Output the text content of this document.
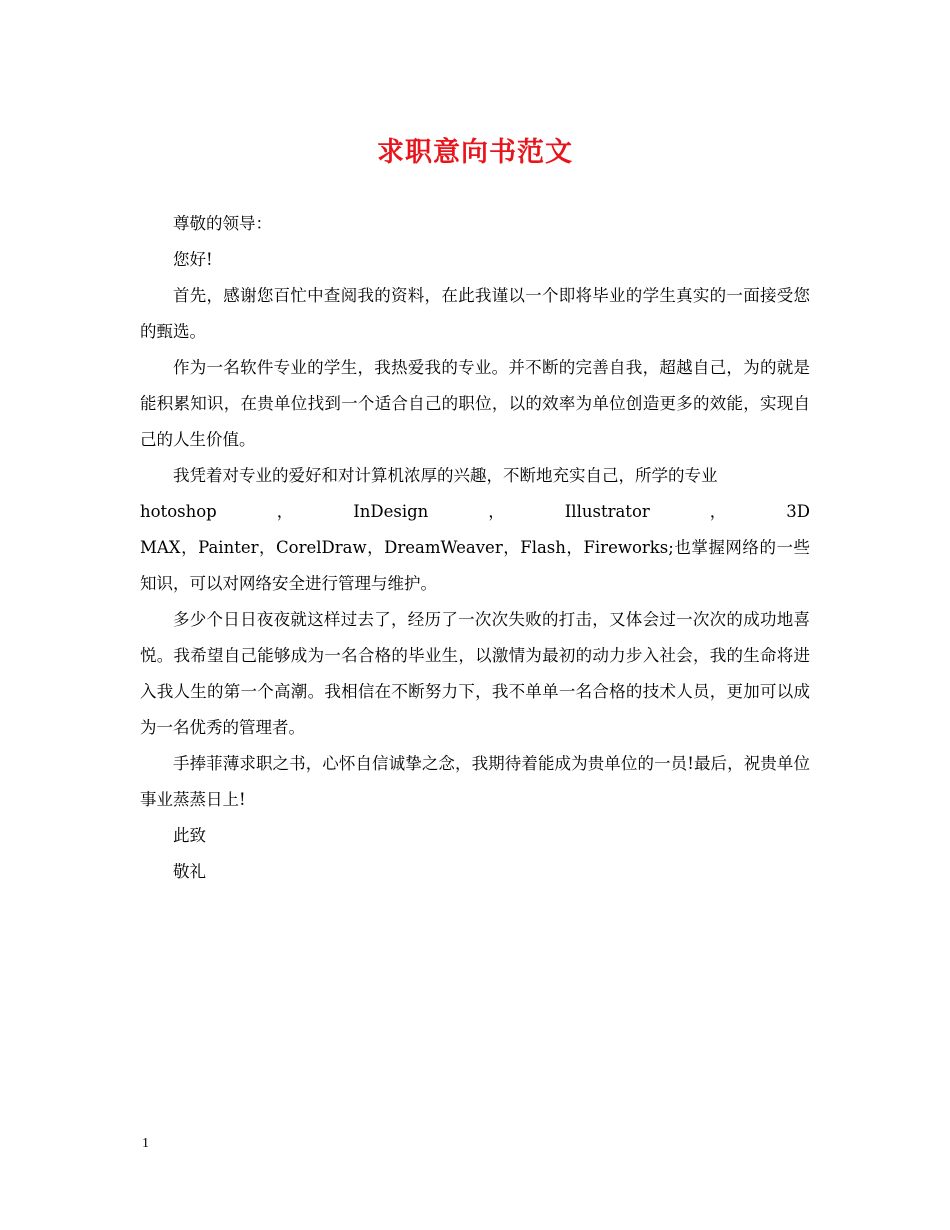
求职意向书范文

尊敬的领导：

您好!

首先，感谢您百忙中查阅我的资料，在此我谨以一个即将毕业的学生真实的一面接受您的甄选。

作为一名软件专业的学生，我热爱我的专业。并不断的完善自我，超越自己，为的就是能积累知识，在贵单位找到一个适合自己的职位，以的效率为单位创造更多的效能，实现自己的人生价值。

我凭着对专业的爱好和对计算机浓厚的兴趣，不断地充实自己，所学的专业

hotoshop，InDesign，Illustrator，3D

MAX，Painter，CorelDraw，DreamWeaver，Flash，Fireworks;也掌握网络的一些知识，可以对网络安全进行管理与维护。

多少个日日夜夜就这样过去了，经历了一次次失败的打击，又体会过一次次的成功地喜悦。我希望自己能够成为一名合格的毕业生，以激情为最初的动力步入社会，我的生命将进入我人生的第一个高潮。我相信在不断努力下，我不单单一名合格的技术人员，更加可以成为一名优秀的管理者。

手捧菲薄求职之书，心怀自信诚挚之念，我期待着能成为贵单位的一员!最后，祝贵单位事业蒸蒸日上!

此致

敬礼

1
